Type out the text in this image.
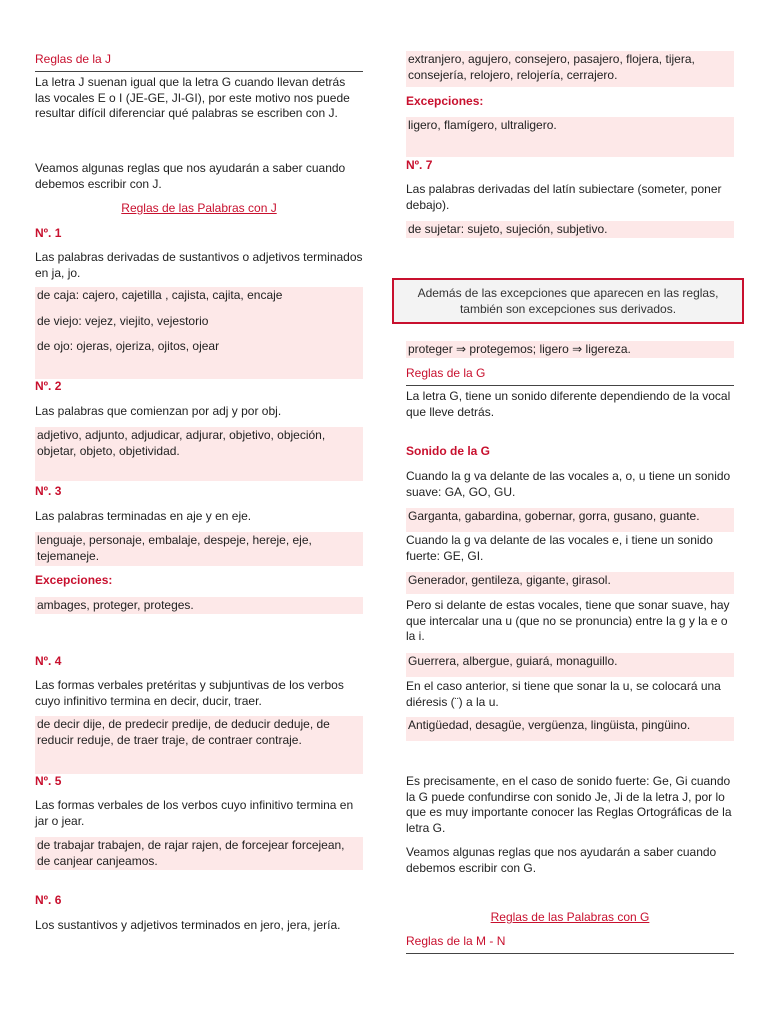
Reglas de la J

La letra J suenan igual que la letra G cuando llevan detrás las vocales E o I (JE-GE, JI-GI), por este motivo nos puede resultar difícil diferenciar qué palabras se escriben con J.

Veamos algunas reglas que nos ayudarán a saber cuando debemos escribir con J.

Reglas de las Palabras con J
Nº. 1

Las palabras derivadas de sustantivos o adjetivos terminados en ja, jo.

de caja: cajero, cajetilla , cajista, cajita, encaje

de viejo: vejez, viejito, vejestorio

de ojo: ojeras, ojeriza, ojitos, ojear

Nº. 2

Las palabras que comienzan por adj y por obj.

adjetivo, adjunto, adjudicar, adjurar, objetivo, objeción, objetar, objeto, objetividad.
Nº. 3

Las palabras terminadas en aje y en eje.

lenguaje, personaje, embalaje, despeje, hereje, eje, tejemaneje.
Excepciones:
ambages, proteger, proteges.
Nº. 4

Las formas verbales pretéritas y subjuntivas de los verbos cuyo infinitivo termina en decir, ducir, traer.

de decir dije, de predecir predije, de deducir deduje, de reducir reduje, de traer traje, de contraer contraje.
Nº. 5

Las formas verbales de los verbos cuyo infinitivo termina en jar o jear.

de trabajar trabajen, de rajar rajen, de forcejear forcejean, de canjear canjeamos.
Nº. 6

Los sustantivos y adjetivos terminados en jero, jera, jería.

extranjero, agujero, consejero, pasajero, flojera, tijera, consejería, relojero, relojería, cerrajero.
Excepciones:
ligero, flamígero, ultraligero.
Nº. 7

Las palabras derivadas del latín subiectare (someter, poner debajo).

de sujetar: sujeto, sujeción, subjetivo.
proteger ⇒ protegemos; ligero ⇒ ligereza.
Reglas de la G

La letra G, tiene un sonido diferente dependiendo de la vocal que lleve detrás.

Sonido de la G

Cuando la g va delante de las vocales a, o, u tiene un sonido suave: GA, GO, GU.

Garganta, gabardina, gobernar, gorra, gusano, guante.

Cuando la g va delante de las vocales e, i tiene un sonido fuerte: GE, GI.

Generador, gentileza, gigante, girasol.

Pero si delante de estas vocales, tiene que sonar suave, hay que intercalar una u (que no se pronuncia) entre la g y la e o la i.

Guerrera, albergue, guiará, monaguillo.

En el caso anterior, si tiene que sonar la u, se colocará una diéresis (¨) a la u.

Antigüedad, desagüe, vergüenza, lingüista, pingüino.

Es precisamente, en el caso de sonido fuerte: Ge, Gi cuando la G puede confundirse con sonido Je, Ji de la letra J, por lo que es muy importante conocer las Reglas Ortográficas de la letra G.

Veamos algunas reglas que nos ayudarán a saber cuando debemos escribir con G.

Reglas de las Palabras con G
Reglas de la M - N
Además de las excepciones que aparecen en las reglas, también son excepciones sus derivados.
